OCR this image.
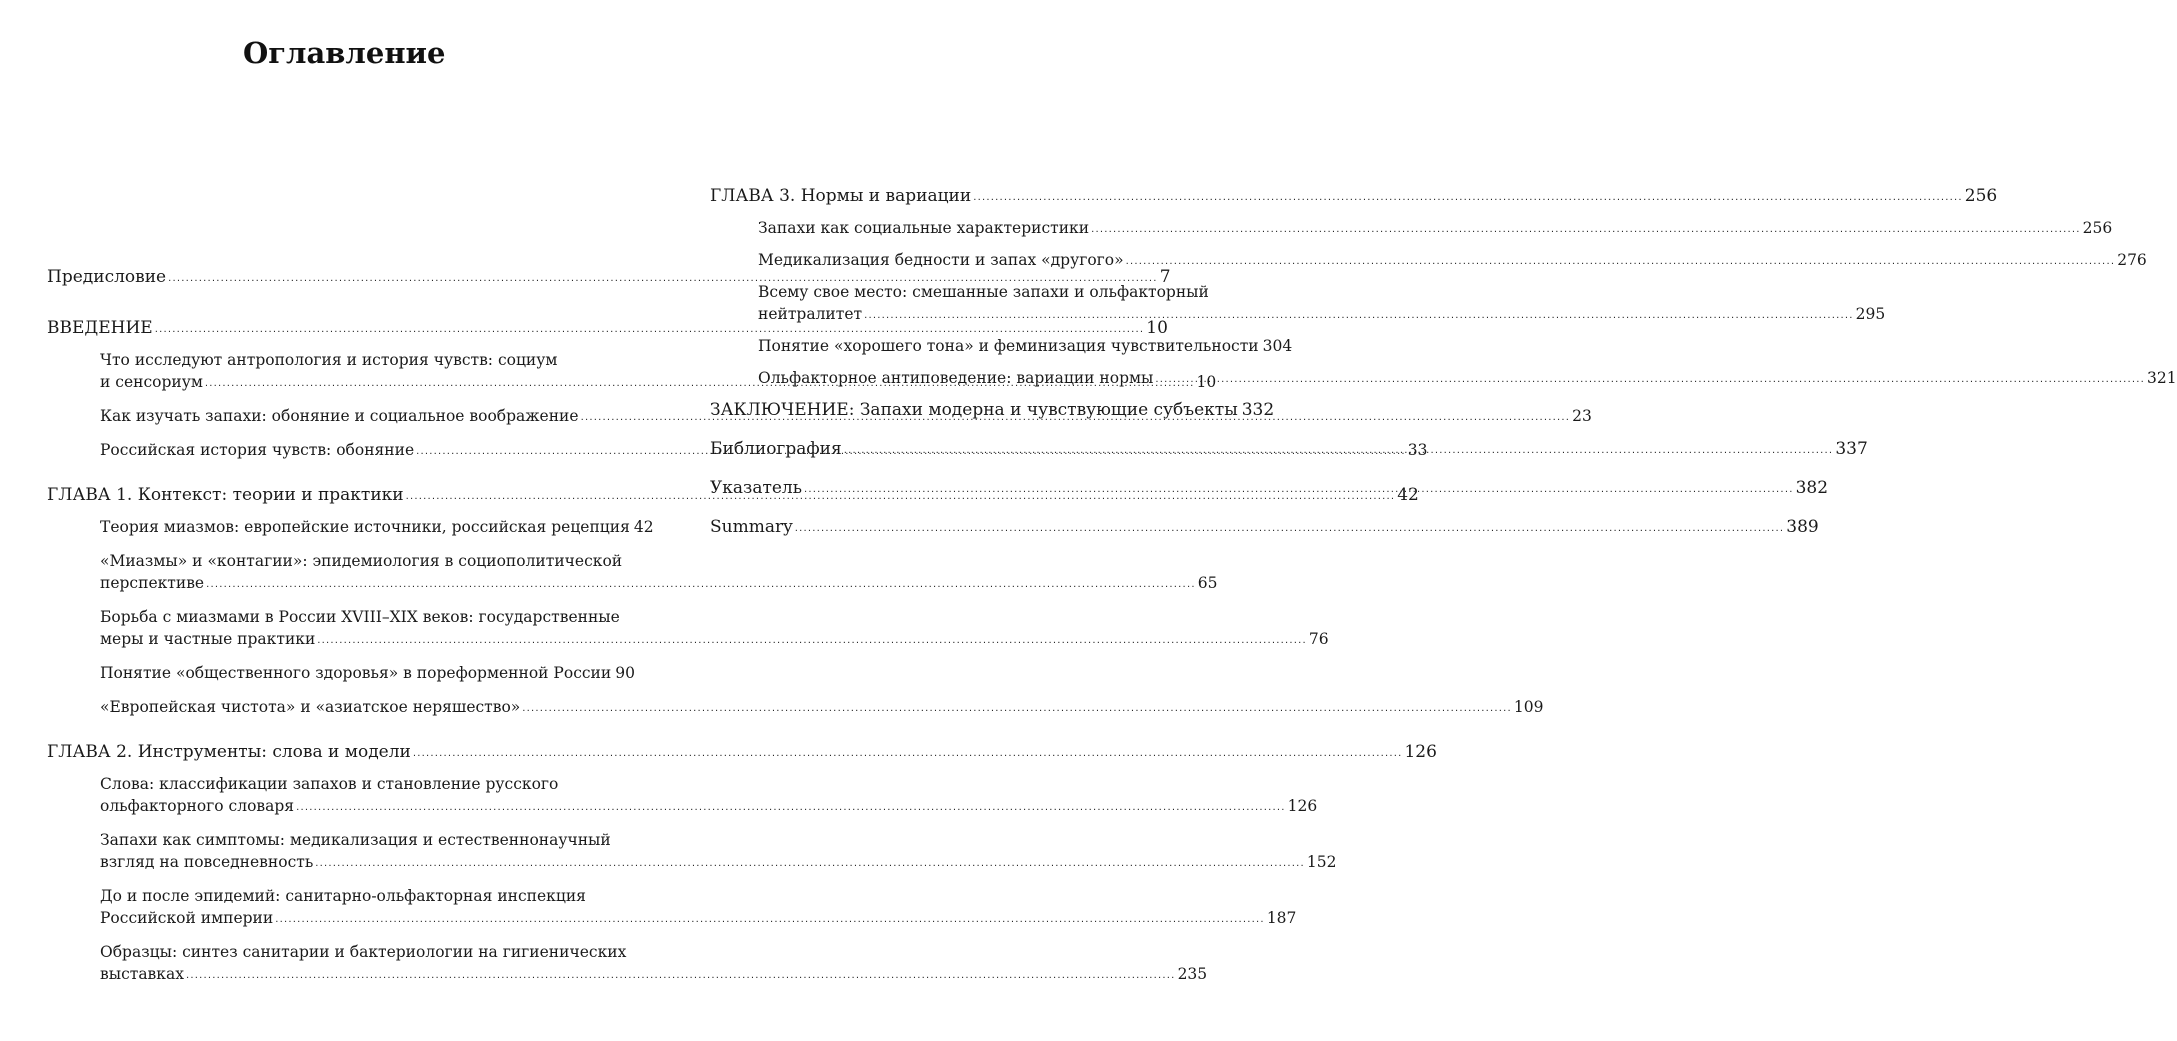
Оглавление
Предисловие .....	7
ВВЕДЕНИЕ .....	10
Что исследуют антропология и история чувств: социум
и сенсориум .....	10
Как изучать запахи: обоняние и социальное воображение .....	23
Российская история чувств: обоняние .....	33
ГЛАВА 1. Контекст: теории и практики .....	42
Теория миазмов: европейские источники, российская рецепция 42
«Миазмы» и «контагии»: эпидемиология в социополитической
перспективе .....	65
Борьба с миазмами в России XVIII–XIX веков: государственные
меры и частные практики .....	76
Понятие «общественного здоровья» в пореформенной России 90
«Европейская чистота» и «азиатское неряшество» .....	109
ГЛАВА 2. Инструменты: слова и модели .....	126
Слова: классификации запахов и становление русского
ольфакторного словаря .....	126
Запахи как симптомы: медикализация и естественнонаучный
взгляд на повседневность .....	152
До и после эпидемий: санитарно-ольфакторная инспекция
Российской империи .....	187
Образцы: синтез санитарии и бактериологии на гигиенических
выставках .....	235
ГЛАВА 3. Нормы и вариации .....	256
Запахи как социальные характеристики .....	256
Медикализация бедности и запах «другого» .....	276
Всему свое место: смешанные запахи и ольфакторный
нейтралитет .....	295
Понятие «хорошего тона» и феминизация чувствительности 304
Ольфакторное антиповедение: вариации нормы .....	321
ЗАКЛЮЧЕНИЕ: Запахи модерна и чувствующие субъекты 332
Библиография .....	337
Указатель .....	382
Summary .....	389
